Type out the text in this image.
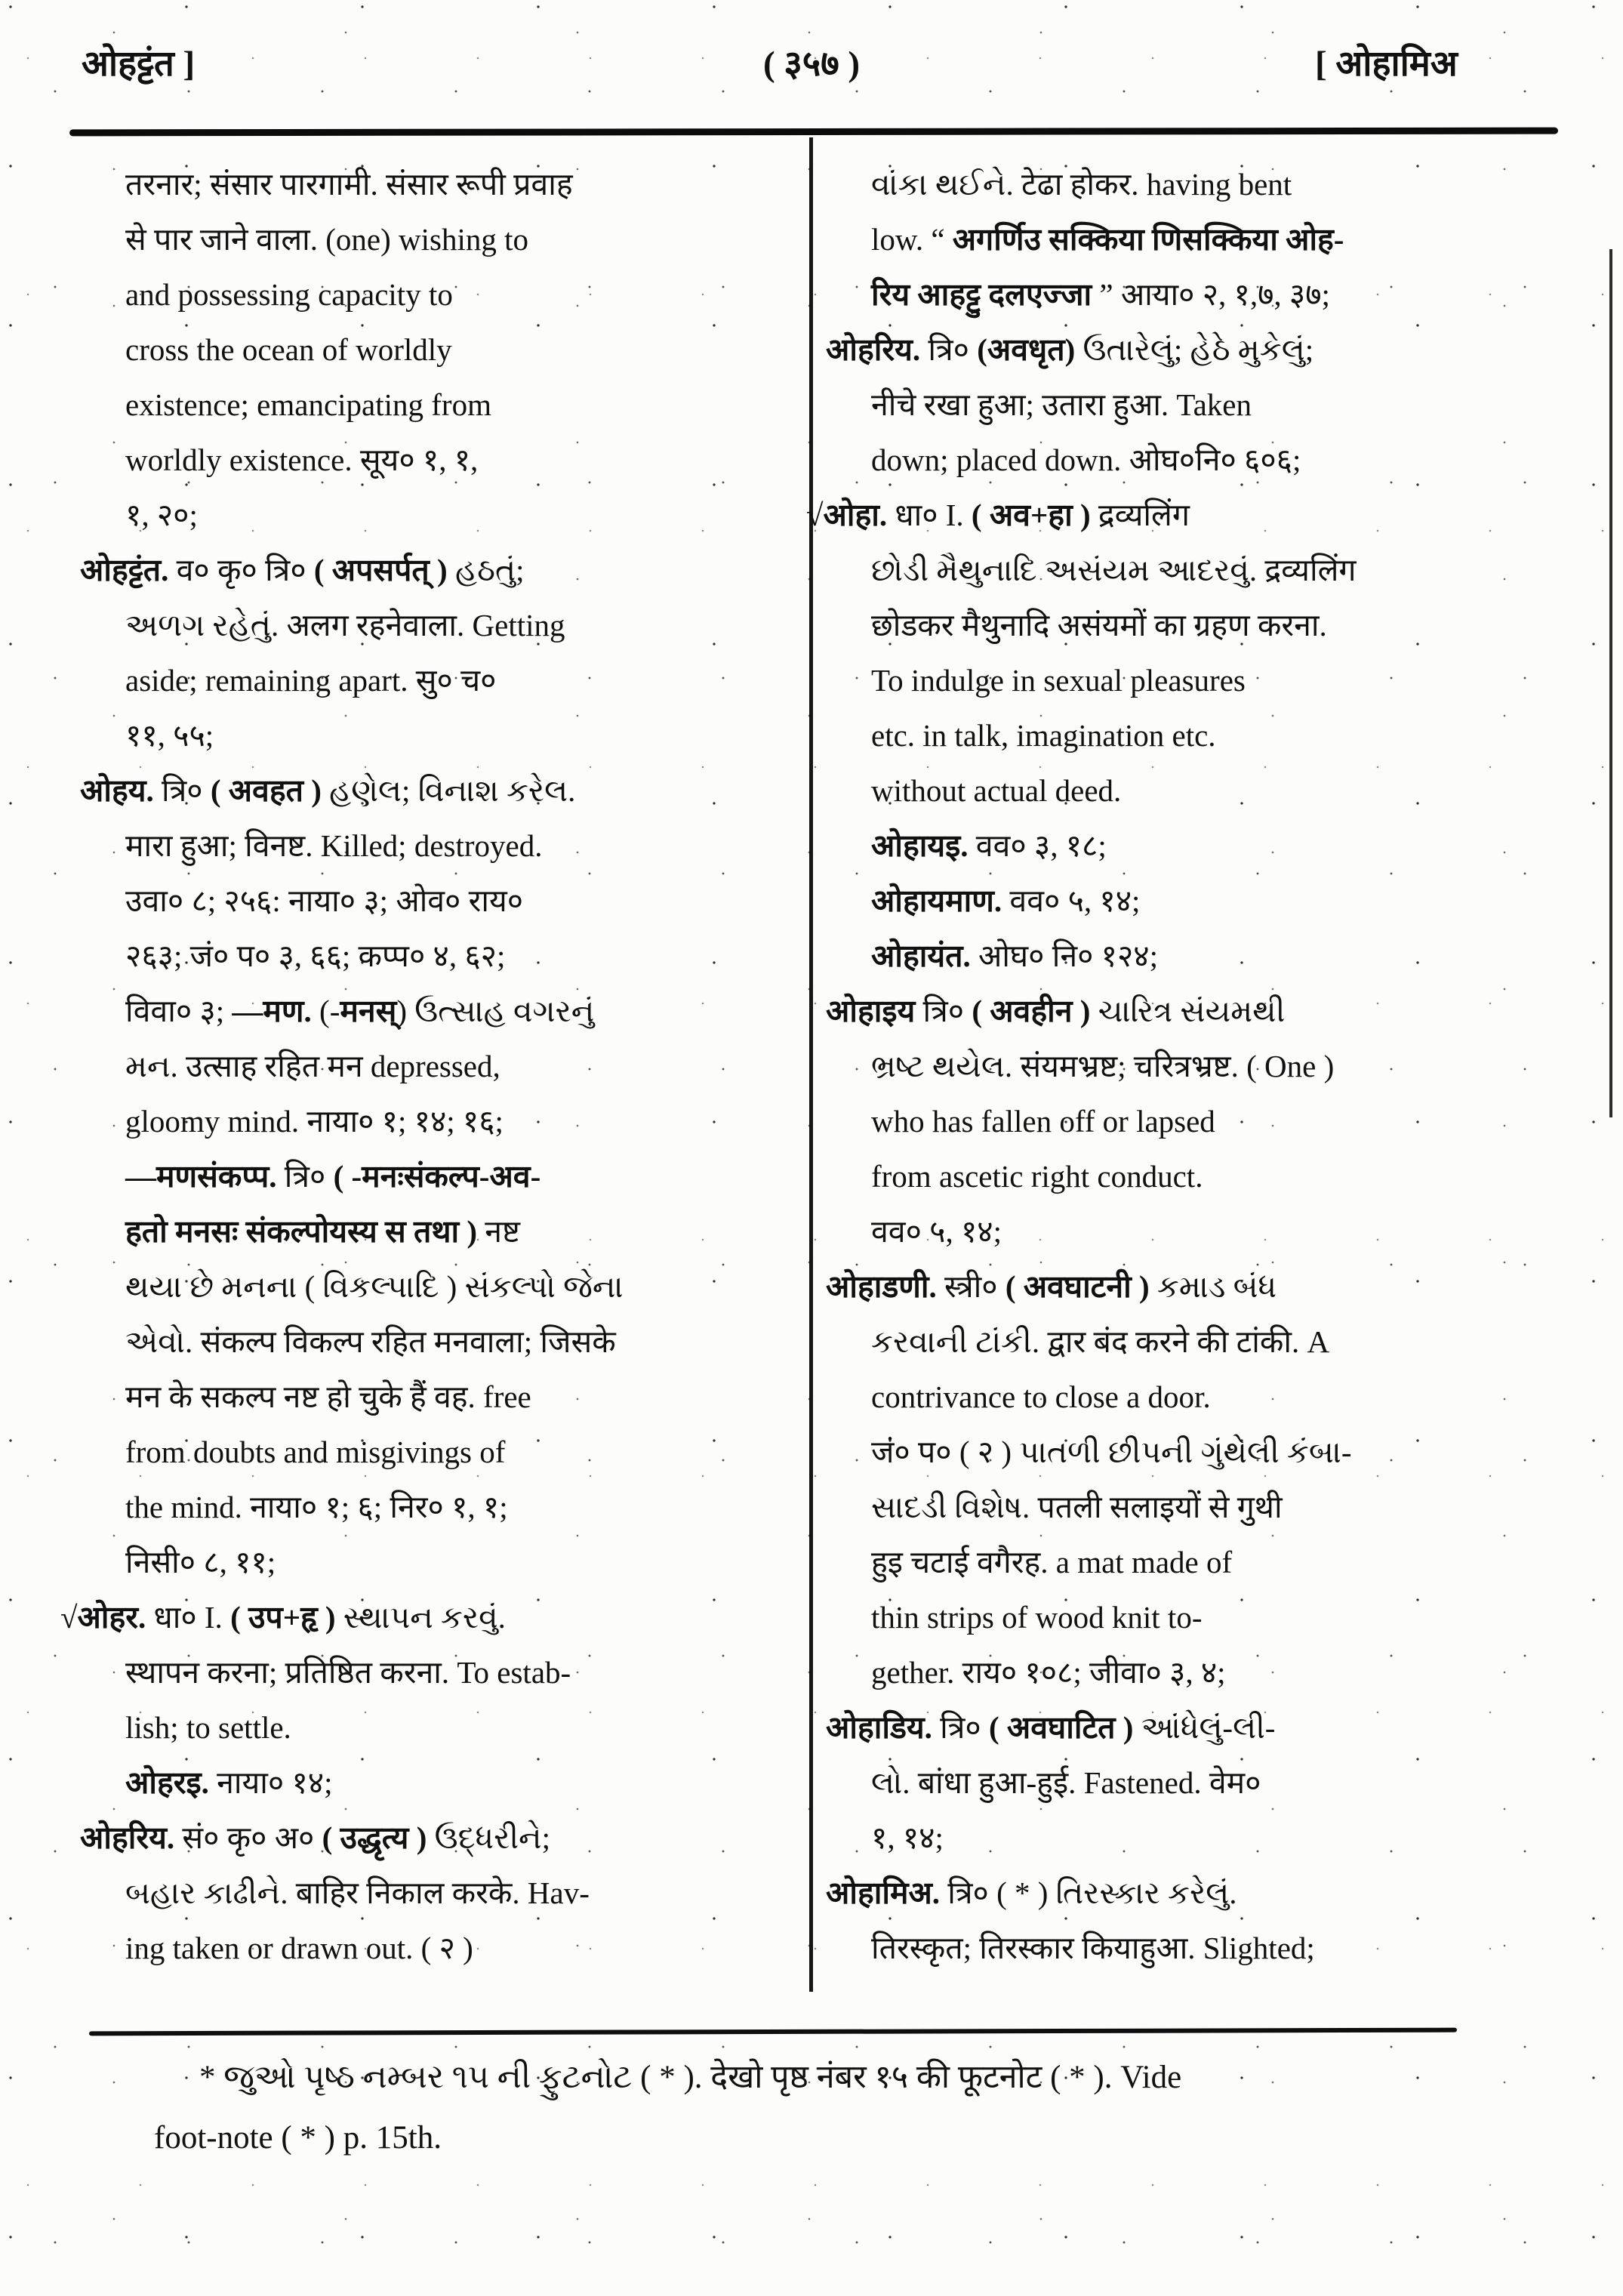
ओहट्टंत ]	( ३५७ )	[ ओहामिअ
तरनार; संसार पारगामी. संसार रूपी प्रवाह
से पार जाने वाला. (one) wishing to
and possessing capacity to
cross the ocean of worldly
existence; emancipating from
worldly existence. सूय० १, १,
१, २०;
ओहट्टंत. व० कृ० त्रि० ( अपसर्पत् ) હઠતું;
અળગ રહેતું. अलग रहनेवाला. Getting
aside; remaining apart. सु० च०
११, ५५;
ओहय. त्रि० ( अवहत ) હણેલ; વિનાશ કરેલ.
मारा हुआ; विनष्ट. Killed; destroyed.
उवा० ८; २५६: नाया० ३; ओव० राय०
२६३; जं० प० ३, ६६; कप्प० ४, ६२;
विवा० ३; —मण. (-मनस्) ઉત્સાહ વગરનું
મન. उत्साह रहित मन depressed,
gloomy mind. नाया० १; १४; १६;
—मणसंकप्प. त्रि० ( -मनःसंकल्प-अव-
हतो मनसः संकल्पोयस्य स तथा ) नष्ट
થયા છે મનના ( વિકલ્પાદિ ) સંકલ્પો જેના
એવો. संकल्प विकल्प रहित मनवाला; जिसके
मन के सकल्प नष्ट हो चुके हैं वह. free
from doubts and misgivings of
the mind. नाया० १; ६; निर० १, १;
निसी० ८, ११;
√ओहर. धा० I. ( उप+हृ ) સ્થાપન કરવું.
स्थापन करना; प्रतिष्ठित करना. To estab-
lish; to settle.
ओहरइ. नाया० १४;
ओहरिय. सं० कृ० अ० ( उद्धृत्य ) ઉદ્ધરીને;
બહાર કાઢીને. बाहिर निकाल करके. Hav-
ing taken or drawn out. ( २ )
વાંકા થઈને. टेढा होकर. having bent
low. “ अगर्णिउ सक्किया णिसक्किया ओह-
रिय आहट्टु दलएज्जा ” आया० २, १,७, ३७;
ओहरिय. त्रि० (अवधृत) ઉતારેલું; હેઠે મુકેલું;
नीचे रखा हुआ; उतारा हुआ. Taken
down; placed down. ओघ०नि० ६०६;
√ओहा. धा० I. ( अव+हा ) द्रव्यलिंग
છોડી મૈથુનાદિ અસંયમ આદરવું. द्रव्यलिंग
छोडकर मैथुनादि असंयमों का ग्रहण करना.
To indulge in sexual pleasures
etc. in talk, imagination etc.
without actual deed.
ओहायइ. वव० ३, १८;
ओहायमाण. वव० ५, १४;
ओहायंत. ओघ० नि० १२४;
ओहाइय त्रि० ( अवहीन ) ચારિત્ર સંયમથી
ભ્રષ્ટ થયેલ. संयमभ्रष्ट; चरित्रभ्रष्ट. ( One )
who has fallen off or lapsed
from ascetic right conduct.
वव० ५, १४;
ओहाडणी. स्त्री० ( अवघाटनी ) કમાડ બંધ
કરવાની ટાંકી. द्वार बंद करने की टांकी. A
contrivance to close a door.
जं० प० ( २ ) પાતળી છીપની ગુંથેલી કંબા-
સાદડી વિશેષ. पतली सलाइयों से गुथी
हुइ चटाई वगैरह. a mat made of
thin strips of wood knit to-
gether. राय० १०८; जीवा० ३, ४;
ओहाडिय. त्रि० ( अवघाटित ) આંધેલું-લી-
લો. बांधा हुआ-हुई. Fastened. वेम०
१, १४;
ओहामिअ. त्रि० ( * ) તિરસ્કાર કરેલું.
तिरस्कृत; तिरस्कार कियाहुआ. Slighted;
* જુઓ પૃષ્ઠ નમ્બર ૧૫ ની ફુટનોટ ( * ). देखो पृष्ठ नंबर १५ की फूटनोट ( * ). Vide
foot-note ( * ) p. 15th.
